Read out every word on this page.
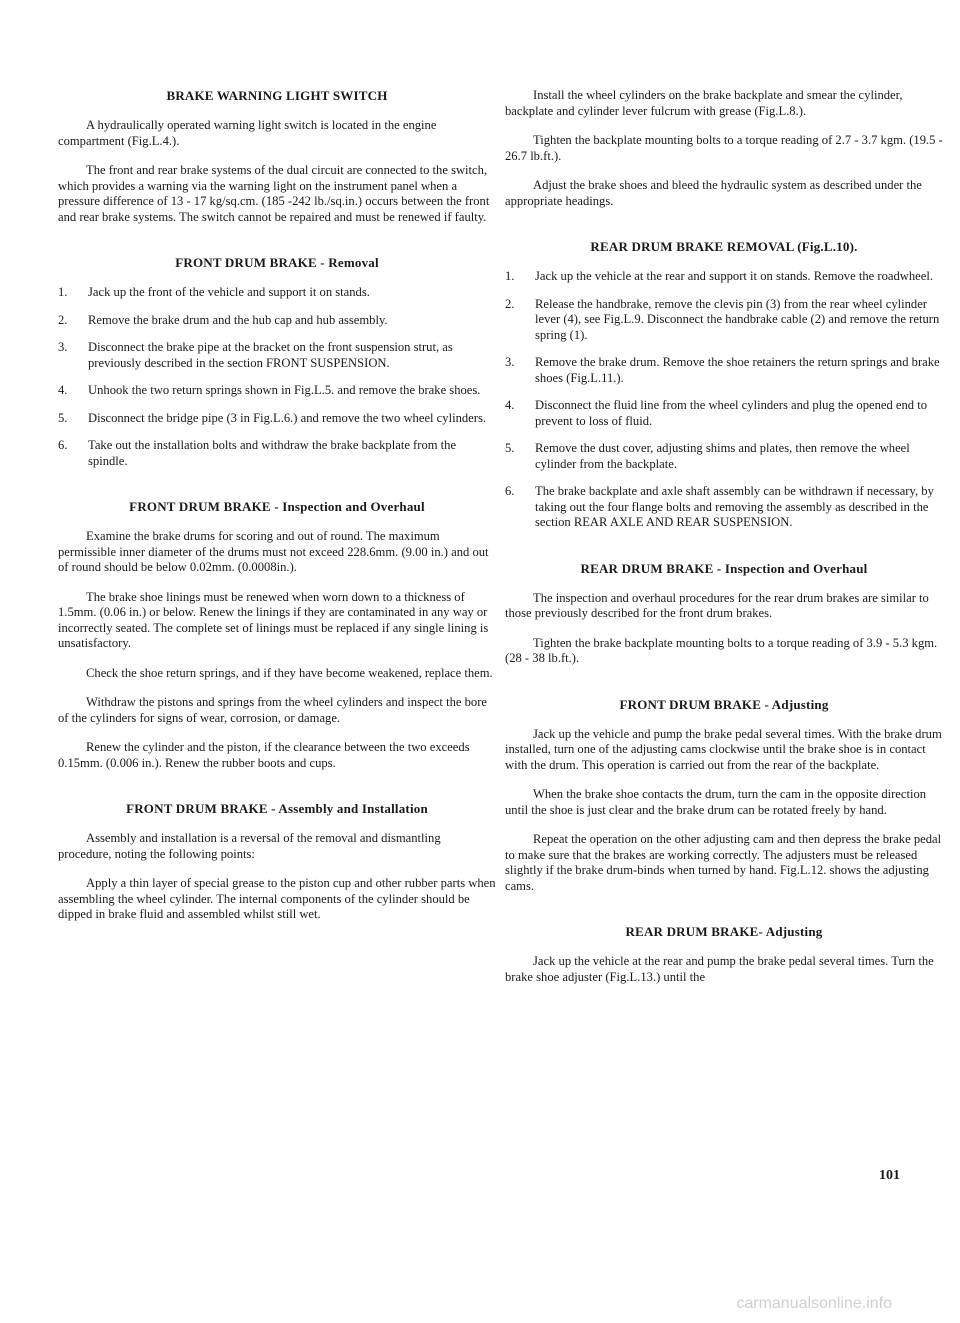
BRAKE WARNING LIGHT SWITCH

A hydraulically operated warning light switch is located in the engine compartment (Fig.L.4.).

The front and rear brake systems of the dual circuit are connected to the switch, which provides a warning via the warning light on the instrument panel when a pressure difference of 13 - 17 kg/sq.cm. (185 -242 lb./sq.in.) occurs between the front and rear brake systems. The switch cannot be repaired and must be renewed if faulty.

FRONT DRUM BRAKE - Removal
1. Jack up the front of the vehicle and support it on stands.
2. Remove the brake drum and the hub cap and hub assembly.
3. Disconnect the brake pipe at the bracket on the front suspension strut, as previously described in the section FRONT SUSPENSION.
4. Unhook the two return springs shown in Fig.L.5. and remove the brake shoes.
5. Disconnect the bridge pipe (3 in Fig.L.6.) and remove the two wheel cylinders.
6. Take out the installation bolts and withdraw the brake backplate from the spindle.
FRONT DRUM BRAKE - Inspection and Overhaul

Examine the brake drums for scoring and out of round. The maximum permissible inner diameter of the drums must not exceed 228.6mm. (9.00 in.) and out of round should be below 0.02mm. (0.0008in.).

The brake shoe linings must be renewed when worn down to a thickness of 1.5mm. (0.06 in.) or below. Renew the linings if they are contaminated in any way or incorrectly seated. The complete set of linings must be replaced if any single lining is unsatisfactory.

Check the shoe return springs, and if they have become weakened, replace them.

Withdraw the pistons and springs from the wheel cylinders and inspect the bore of the cylinders for signs of wear, corrosion, or damage.

Renew the cylinder and the piston, if the clearance between the two exceeds 0.15mm. (0.006 in.). Renew the rubber boots and cups.

FRONT DRUM BRAKE - Assembly and Installation

Assembly and installation is a reversal of the removal and dismantling procedure, noting the following points:

Apply a thin layer of special grease to the piston cup and other rubber parts when assembling the wheel cylinder. The internal components of the cylinder should be dipped in brake fluid and assembled whilst still wet.

Install the wheel cylinders on the brake backplate and smear the cylinder, backplate and cylinder lever fulcrum with grease (Fig.L.8.).

Tighten the backplate mounting bolts to a torque reading of 2.7 - 3.7 kgm. (19.5 - 26.7 lb.ft.).

Adjust the brake shoes and bleed the hydraulic system as described under the appropriate headings.

REAR DRUM BRAKE REMOVAL (Fig.L.10).
1. Jack up the vehicle at the rear and support it on stands. Remove the roadwheel.
2. Release the handbrake, remove the clevis pin (3) from the rear wheel cylinder lever (4), see Fig.L.9. Disconnect the handbrake cable (2) and remove the return spring (1).
3. Remove the brake drum. Remove the shoe retainers the return springs and brake shoes (Fig.L.11.).
4. Disconnect the fluid line from the wheel cylinders and plug the opened end to prevent to loss of fluid.
5. Remove the dust cover, adjusting shims and plates, then remove the wheel cylinder from the backplate.
6. The brake backplate and axle shaft assembly can be withdrawn if necessary, by taking out the four flange bolts and removing the assembly as described in the section REAR AXLE AND REAR SUSPENSION.
REAR DRUM BRAKE - Inspection and Overhaul

The inspection and overhaul procedures for the rear drum brakes are similar to those previously described for the front drum brakes.

Tighten the brake backplate mounting bolts to a torque reading of 3.9 - 5.3 kgm. (28 - 38 lb.ft.).

FRONT DRUM BRAKE - Adjusting

Jack up the vehicle and pump the brake pedal several times. With the brake drum installed, turn one of the adjusting cams clockwise until the brake shoe is in contact with the drum. This operation is carried out from the rear of the backplate.

When the brake shoe contacts the drum, turn the cam in the opposite direction until the shoe is just clear and the brake drum can be rotated freely by hand.

Repeat the operation on the other adjusting cam and then depress the brake pedal to make sure that the brakes are working correctly. The adjusters must be released slightly if the brake drum-binds when turned by hand. Fig.L.12. shows the adjusting cams.

REAR DRUM BRAKE- Adjusting

Jack up the vehicle at the rear and pump the brake pedal several times. Turn the brake shoe adjuster (Fig.L.13.) until the

101
carmanualsonline.info
